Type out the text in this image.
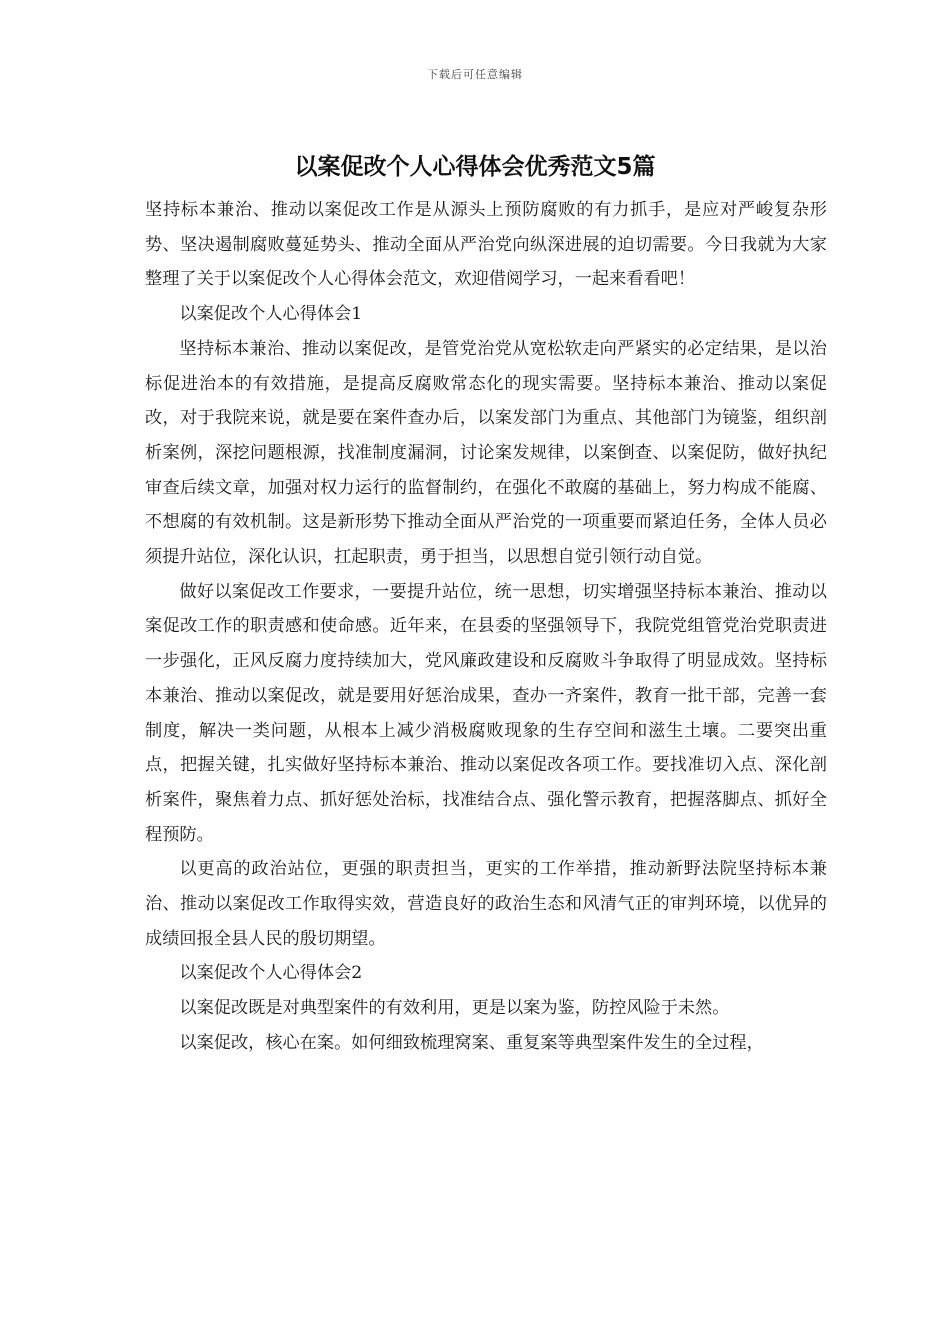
下载后可任意编辑
以案促改个人心得体会优秀范文5篇

坚持标本兼治、推动以案促改工作是从源头上预防腐败的有力抓手，是应对严峻复杂形势、坚决遏制腐败蔓延势头、推动全面从严治党向纵深进展的迫切需要。今日我就为大家整理了关于以案促改个人心得体会范文，欢迎借阅学习，一起来看看吧！

以案促改个人心得体会1

坚持标本兼治、推动以案促改，是管党治党从宽松软走向严紧实的必定结果，是以治标促进治本的有效措施，是提高反腐败常态化的现实需要。坚持标本兼治、推动以案促改，对于我院来说，就是要在案件查办后，以案发部门为重点、其他部门为镜鉴，组织剖析案例，深挖问题根源，找准制度漏洞，讨论案发规律，以案倒查、以案促防，做好执纪审查后续文章，加强对权力运行的监督制约，在强化不敢腐的基础上，努力构成不能腐、不想腐的有效机制。这是新形势下推动全面从严治党的一项重要而紧迫任务，全体人员必须提升站位，深化认识，扛起职责，勇于担当，以思想自觉引领行动自觉。

做好以案促改工作要求，一要提升站位，统一思想，切实增强坚持标本兼治、推动以案促改工作的职责感和使命感。近年来，在县委的坚强领导下，我院党组管党治党职责进一步强化，正风反腐力度持续加大，党风廉政建设和反腐败斗争取得了明显成效。坚持标本兼治、推动以案促改，就是要用好惩治成果，查办一齐案件，教育一批干部，完善一套制度，解决一类问题，从根本上减少消极腐败现象的生存空间和滋生土壤。二要突出重点，把握关键，扎实做好坚持标本兼治、推动以案促改各项工作。要找准切入点、深化剖析案件，聚焦着力点、抓好惩处治标，找准结合点、强化警示教育，把握落脚点、抓好全程预防。

以更高的政治站位，更强的职责担当，更实的工作举措，推动新野法院坚持标本兼治、推动以案促改工作取得实效，营造良好的政治生态和风清气正的审判环境，以优异的成绩回报全县人民的殷切期望。

以案促改个人心得体会2

以案促改既是对典型案件的有效利用，更是以案为鉴，防控风险于未然。

以案促改，核心在案。如何细致梳理窝案、重复案等典型案件发生的全过程，
